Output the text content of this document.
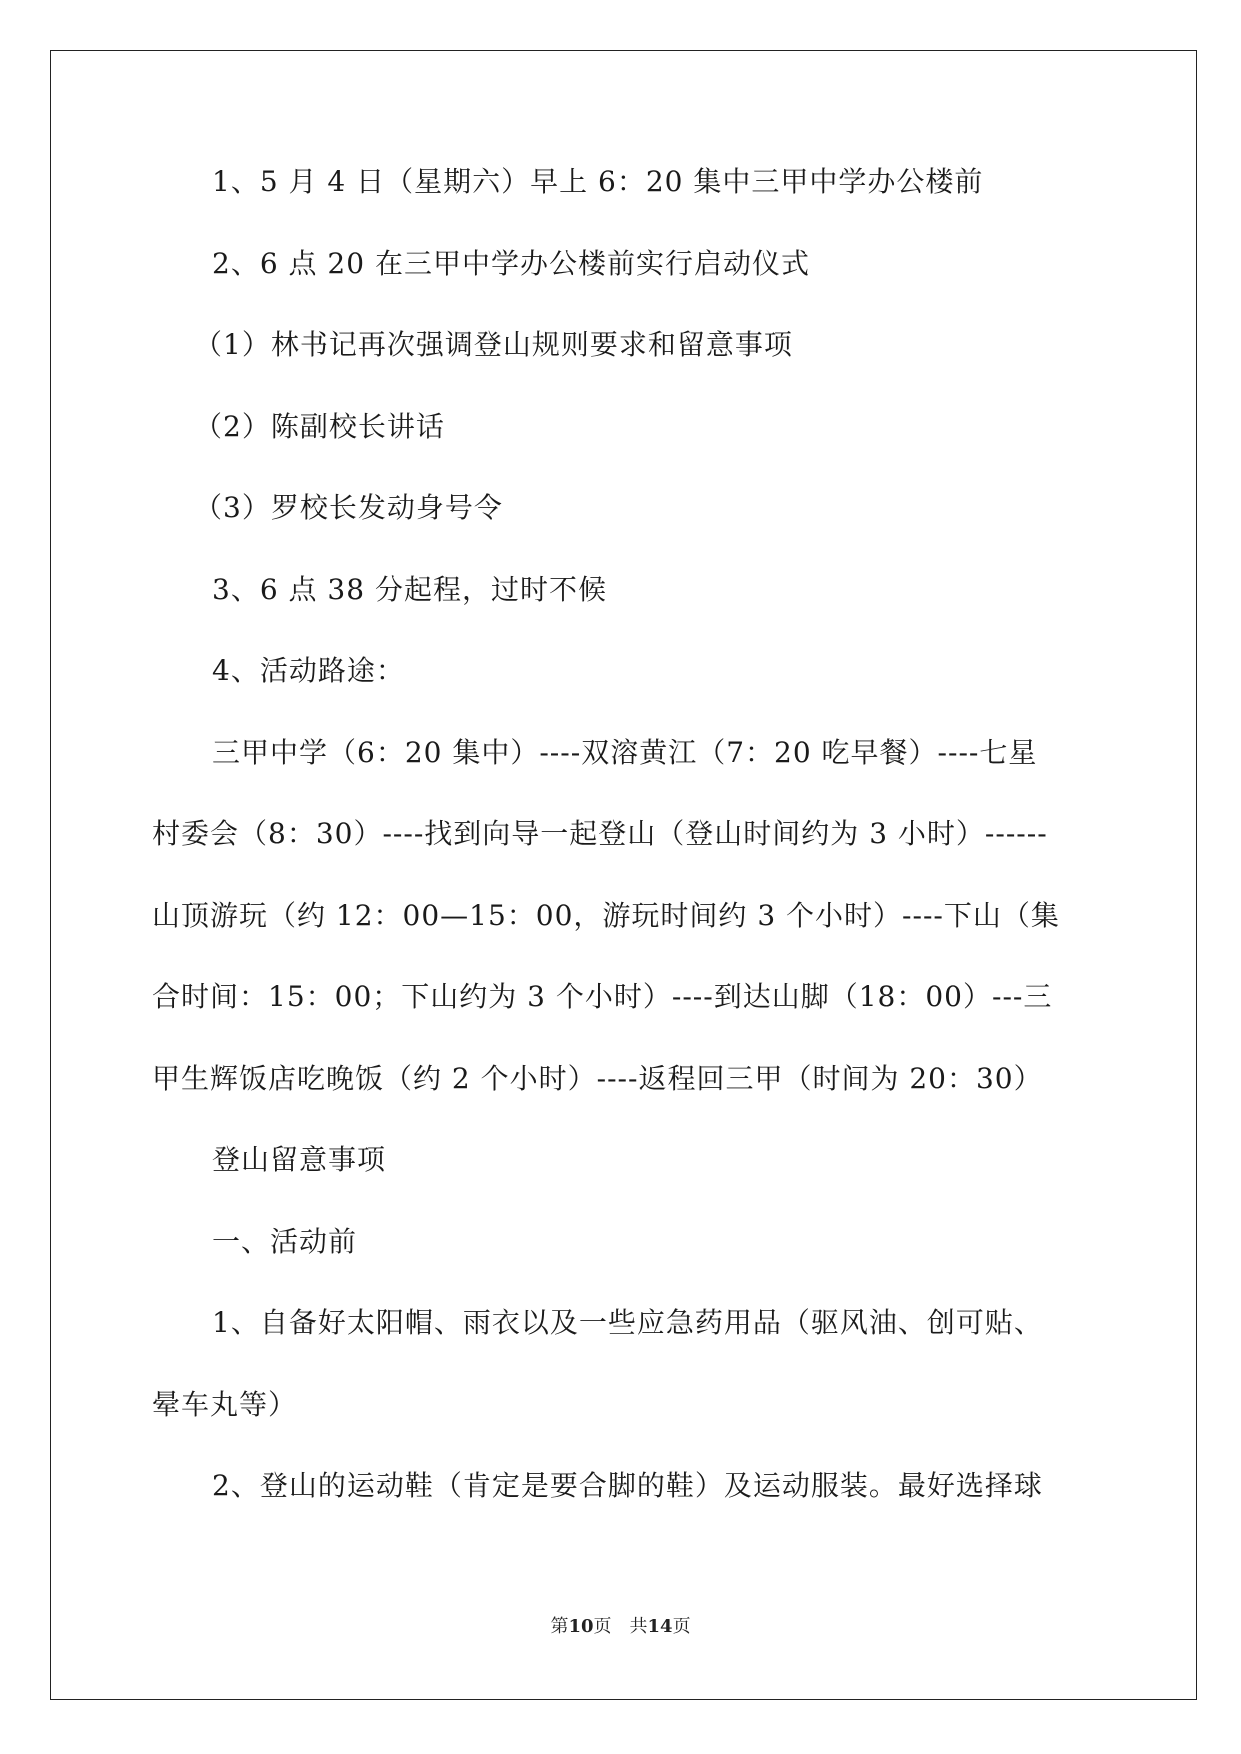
1、5 月 4 日（星期六）早上 6：20 集中三甲中学办公楼前
2、6 点 20 在三甲中学办公楼前实行启动仪式
（1）林书记再次强调登山规则要求和留意事项
（2）陈副校长讲话
（3）罗校长发动身号令
3、6 点 38 分起程，过时不候
4、活动路途：
三甲中学（6：20 集中）----双溶黄江（7：20 吃早餐）----七星
村委会（8：30）----找到向导一起登山（登山时间约为 3 小时）------
山顶游玩（约 12：00—15：00，游玩时间约 3 个小时）----下山（集
合时间：15：00；下山约为 3 个小时）----到达山脚（18：00）---三
甲生辉饭店吃晚饭（约 2 个小时）----返程回三甲（时间为 20：30）
登山留意事项
一、活动前
1、自备好太阳帽、雨衣以及一些应急药用品（驱风油、创可贴、
晕车丸等）
2、登山的运动鞋（肯定是要合脚的鞋）及运动服装。最好选择球
第10页　共14页
